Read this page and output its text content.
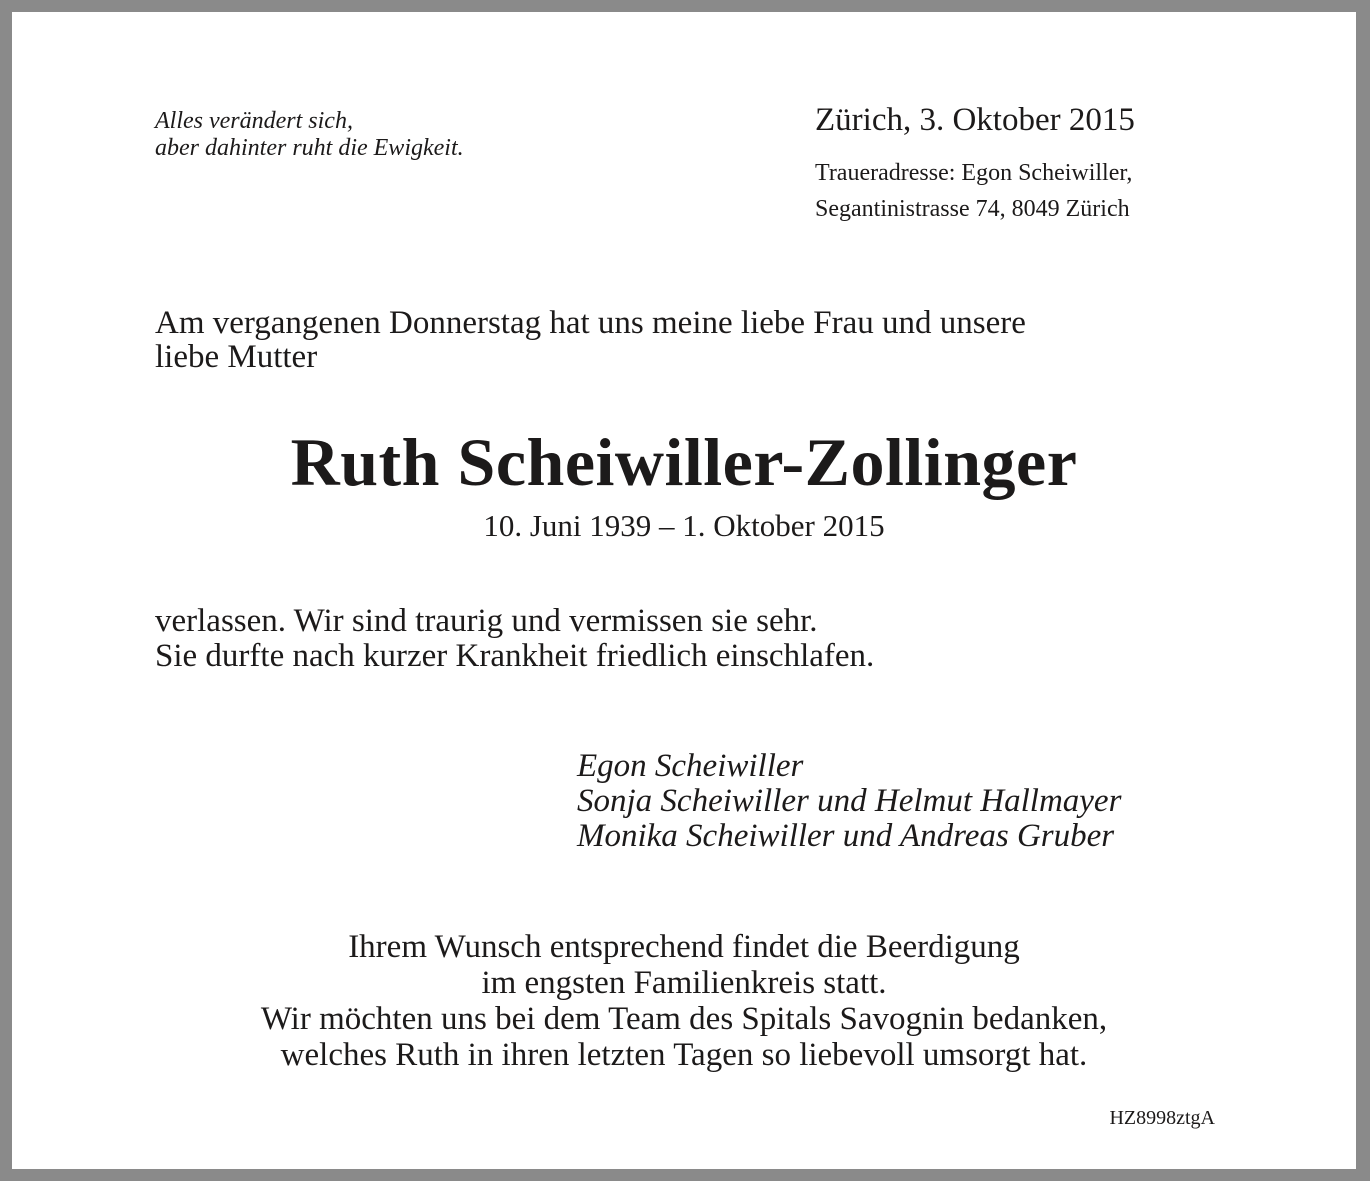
Alles verändert sich,
aber dahinter ruht die Ewigkeit.
Zürich, 3. Oktober 2015
Traueradresse: Egon Scheiwiller,
Segantinistrasse 74, 8049 Zürich
Am vergangenen Donnerstag hat uns meine liebe Frau und unsere
liebe Mutter
Ruth Scheiwiller-Zollinger
10. Juni 1939 – 1. Oktober 2015
verlassen. Wir sind traurig und vermissen sie sehr.
Sie durfte nach kurzer Krankheit friedlich einschlafen.
Egon Scheiwiller
Sonja Scheiwiller und Helmut Hallmayer
Monika Scheiwiller und Andreas Gruber
Ihrem Wunsch entsprechend findet die Beerdigung
im engsten Familienkreis statt.
Wir möchten uns bei dem Team des Spitals Savognin bedanken,
welches Ruth in ihren letzten Tagen so liebevoll umsorgt hat.
HZ8998ztgA
